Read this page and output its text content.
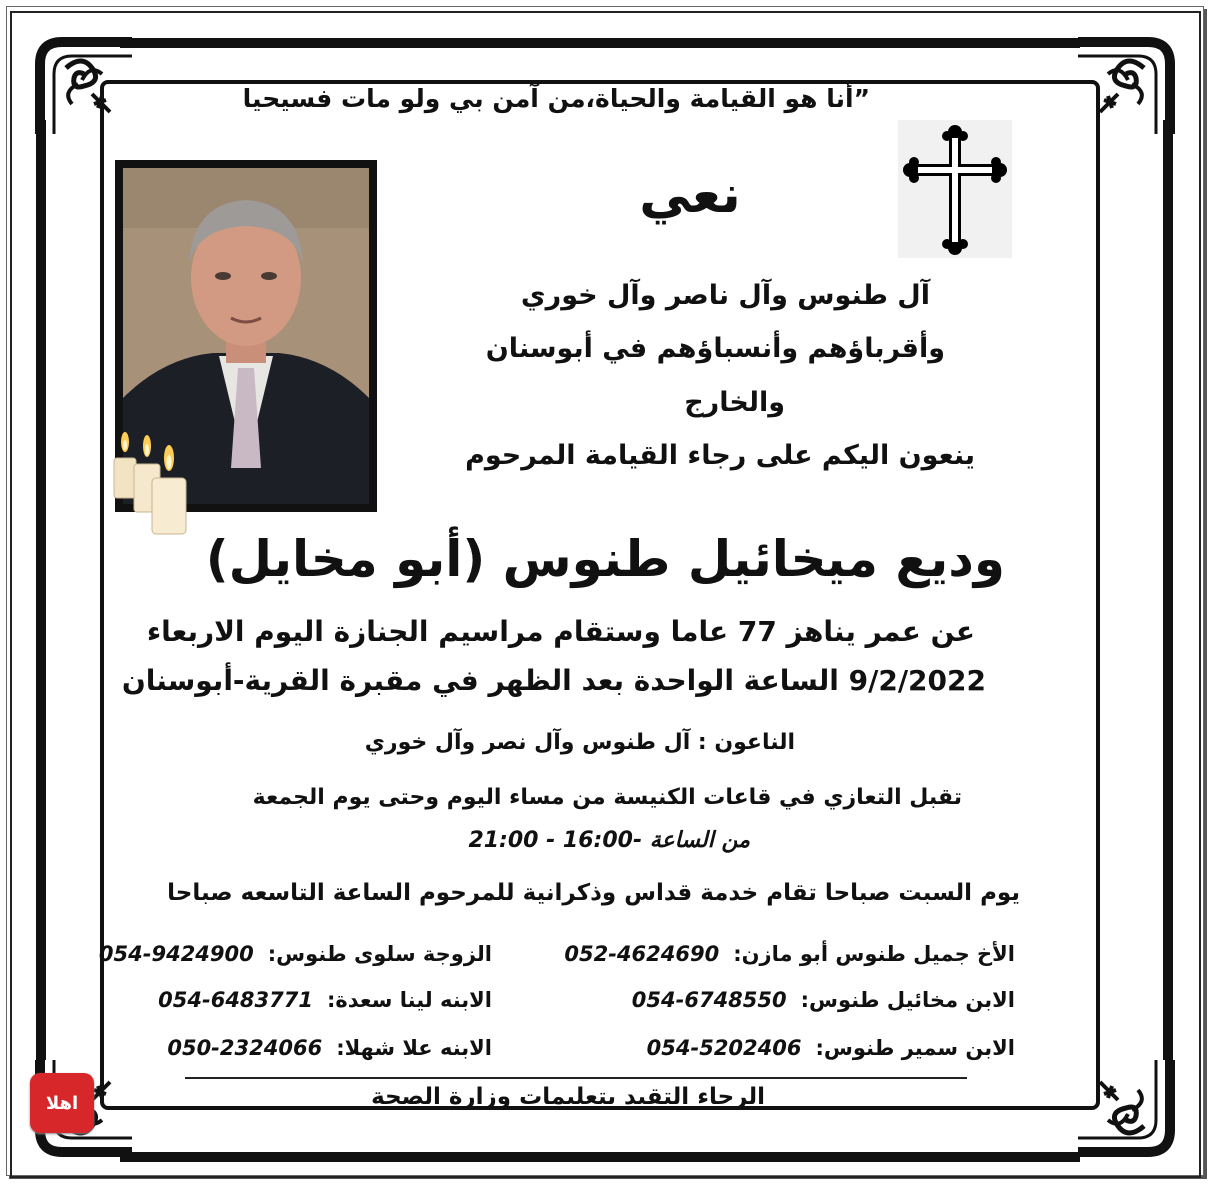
”أنا هو القيامة والحياة،من آمن بي ولو مات فسيحيا
نعي
آل طنوس وآل ناصر وآل خوري
وأقرباؤهم وأنسباؤهم في أبوسنان
والخارج
ينعون اليكم على رجاء القيامة المرحوم
وديع ميخائيل طنوس (أبو مخايل)
عن عمر يناهز 77 عاما وستقام مراسيم الجنازة اليوم الاربعاء
9/2/2022 الساعة الواحدة بعد الظهر في مقبرة القرية-أبوسنان
الناعون : آل طنوس وآل نصر وآل خوري
تقبل التعازي في قاعات الكنيسة من مساء اليوم وحتى يوم الجمعة
من الساعة -16:00 - 21:00
يوم السبت صباحا تقام خدمة قداس وذكرانية للمرحوم الساعة التاسعه صباحا
الأخ جميل طنوس أبو مازن:052-4624690
الابن مخائيل طنوس:054-6748550
الابن سمير طنوس:054-5202406
الزوجة سلوى طنوس:054-9424900
الابنه لينا سعدة:054-6483771
الابنه علا شهلا:050-2324066
الرجاء التقيد بتعليمات وزارة الصحة
اهلا
